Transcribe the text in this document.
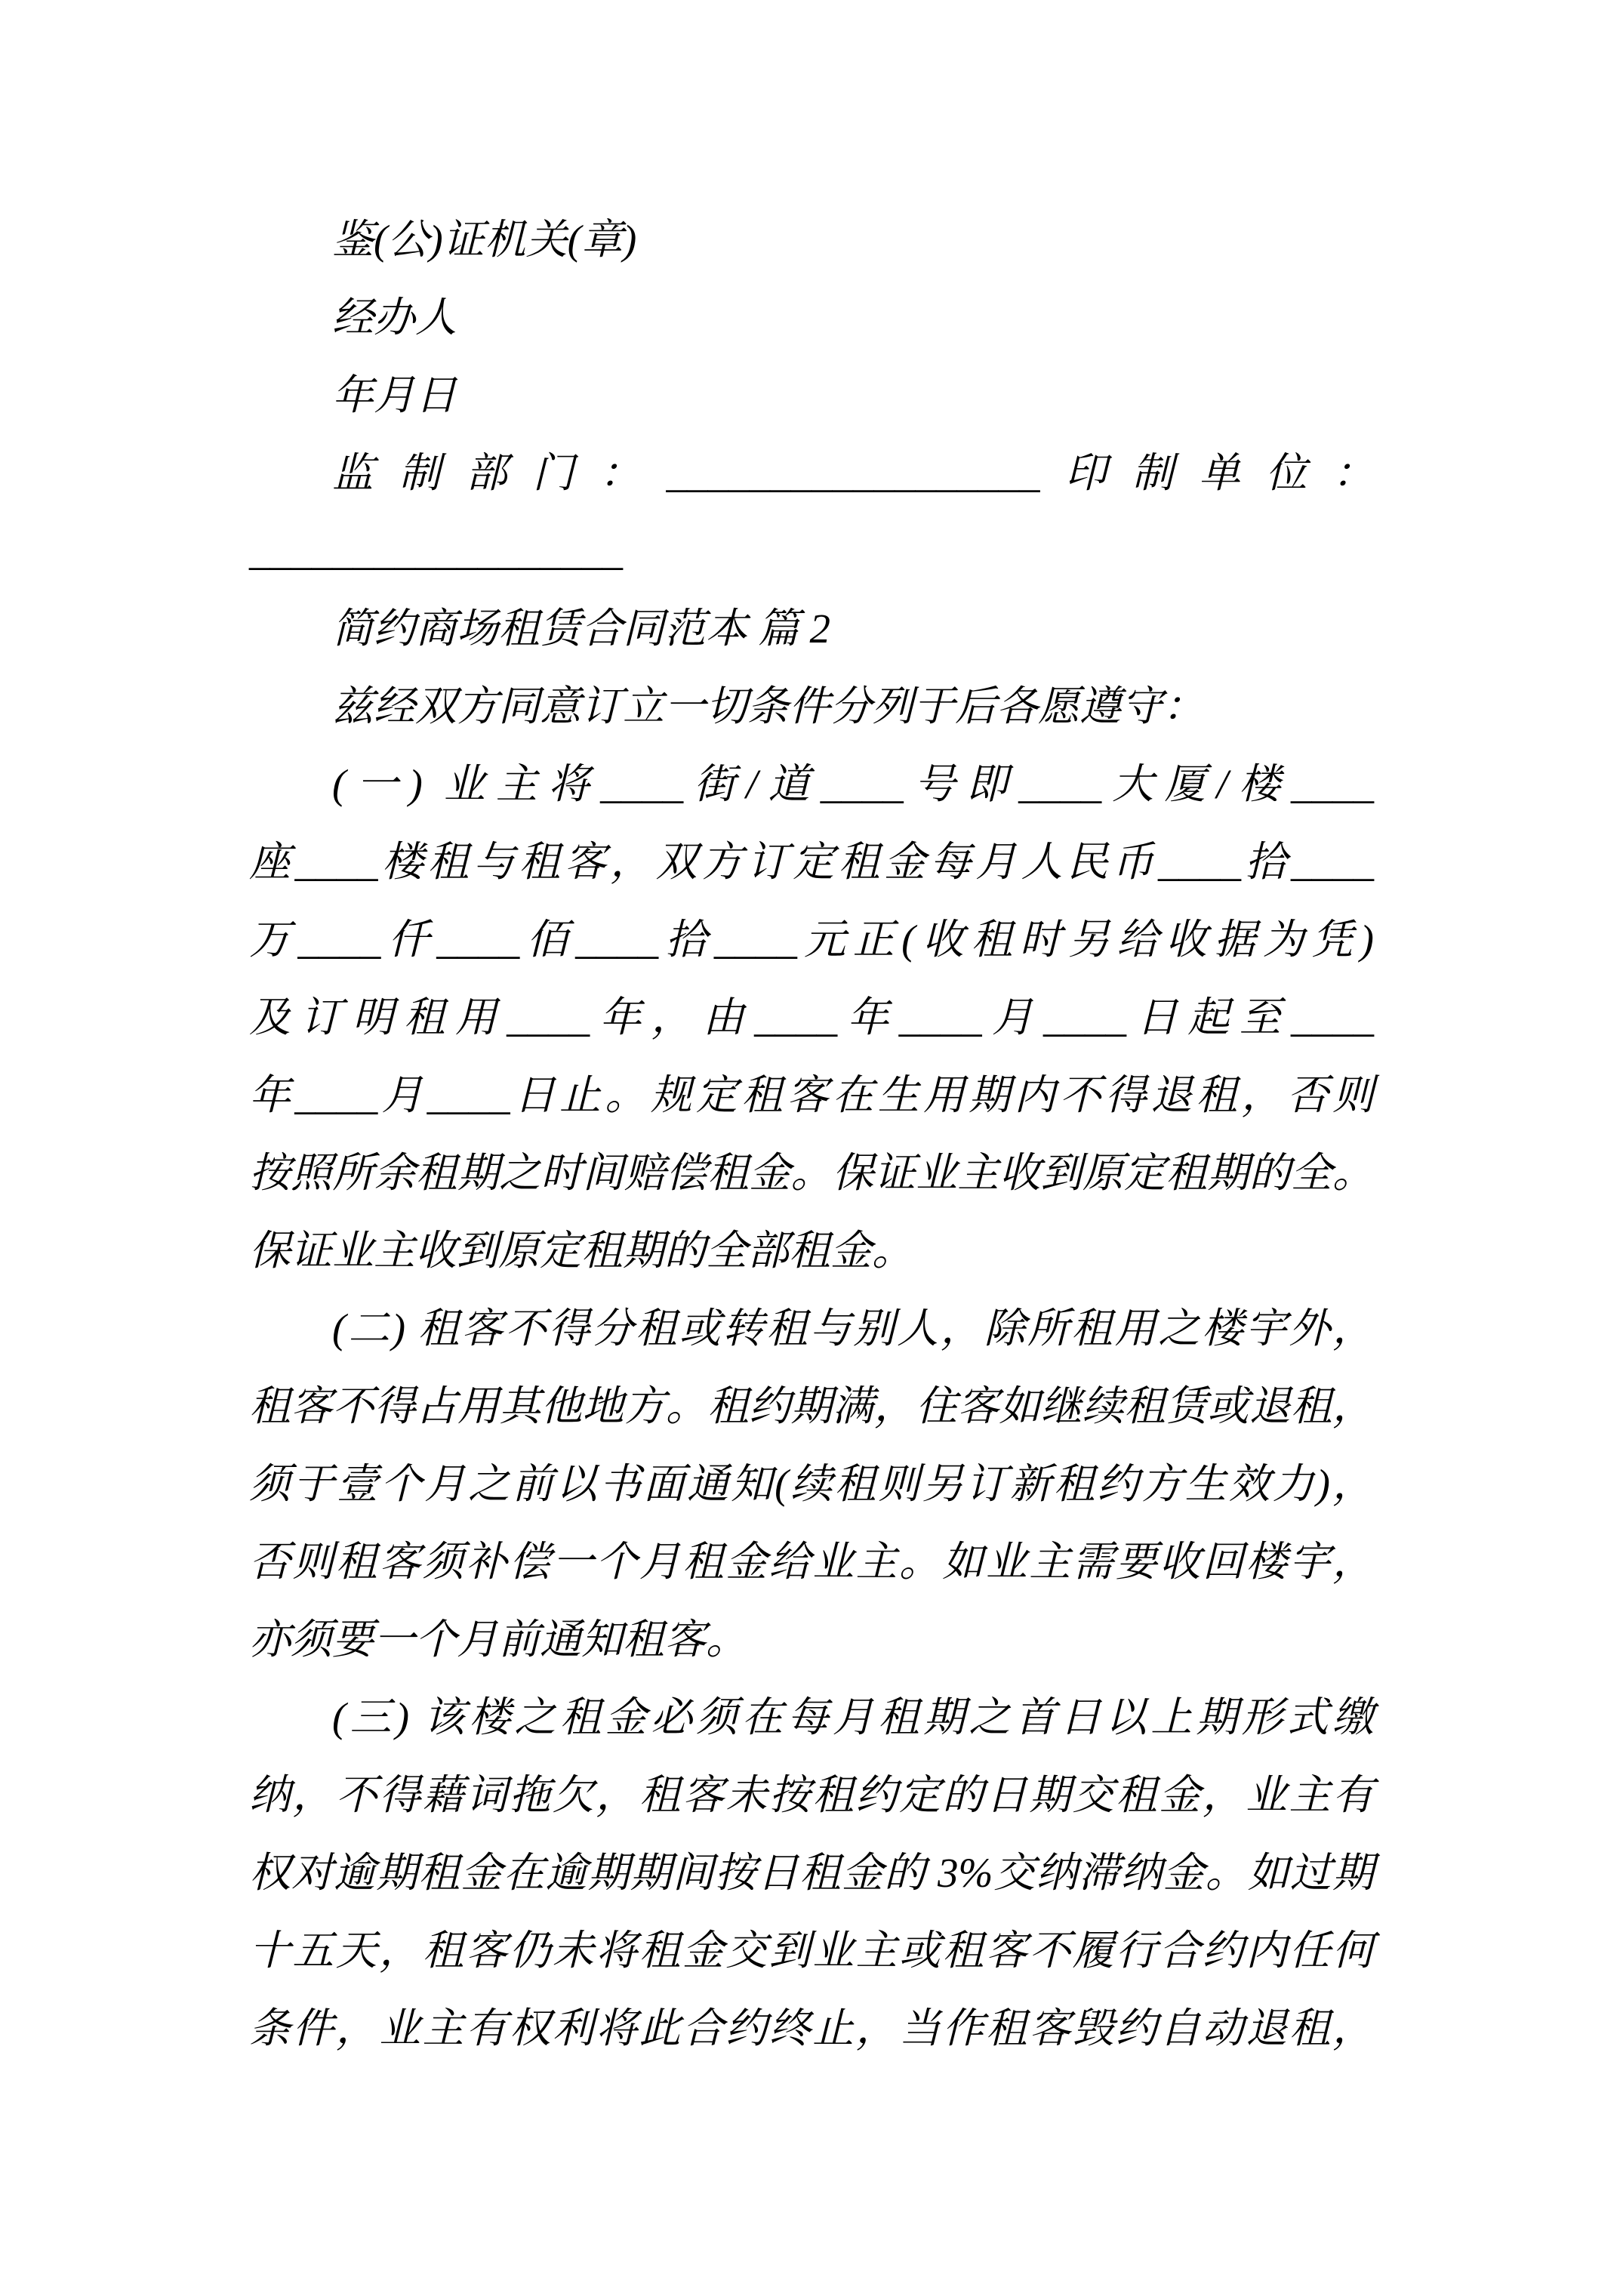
鉴(公)证机关(章)
经办人
年月日
监制部门：__________________印制单位：
__________________
简约商场租赁合同范本 篇 2
兹经双方同意订立一切条件分列于后各愿遵守：
(一) 业主将____街/道____号即____大厦/楼____
座____楼租与租客，双方订定租金每月人民币____拾____
万____仟____佰____拾____元正(收租时另给收据为凭)
及订明租用____年，由____年____月____日起至____
年____月____日止。规定租客在生用期内不得退租，否则
按照所余租期之时间赔偿租金。保证业主收到原定租期的全。
保证业主收到原定租期的全部租金。
(二) 租客不得分租或转租与别人，除所租用之楼宇外，
租客不得占用其他地方。租约期满，住客如继续租赁或退租，
须于壹个月之前以书面通知(续租则另订新租约方生效力)，
否则租客须补偿一个月租金给业主。如业主需要收回楼宇，
亦须要一个月前通知租客。
(三) 该楼之租金必须在每月租期之首日以上期形式缴
纳，不得藉词拖欠，租客未按租约定的日期交租金，业主有
权对逾期租金在逾期期间按日租金的 3%交纳滞纳金。如过期
十五天，租客仍未将租金交到业主或租客不履行合约内任何
条件，业主有权利将此合约终止，当作租客毁约自动退租，
